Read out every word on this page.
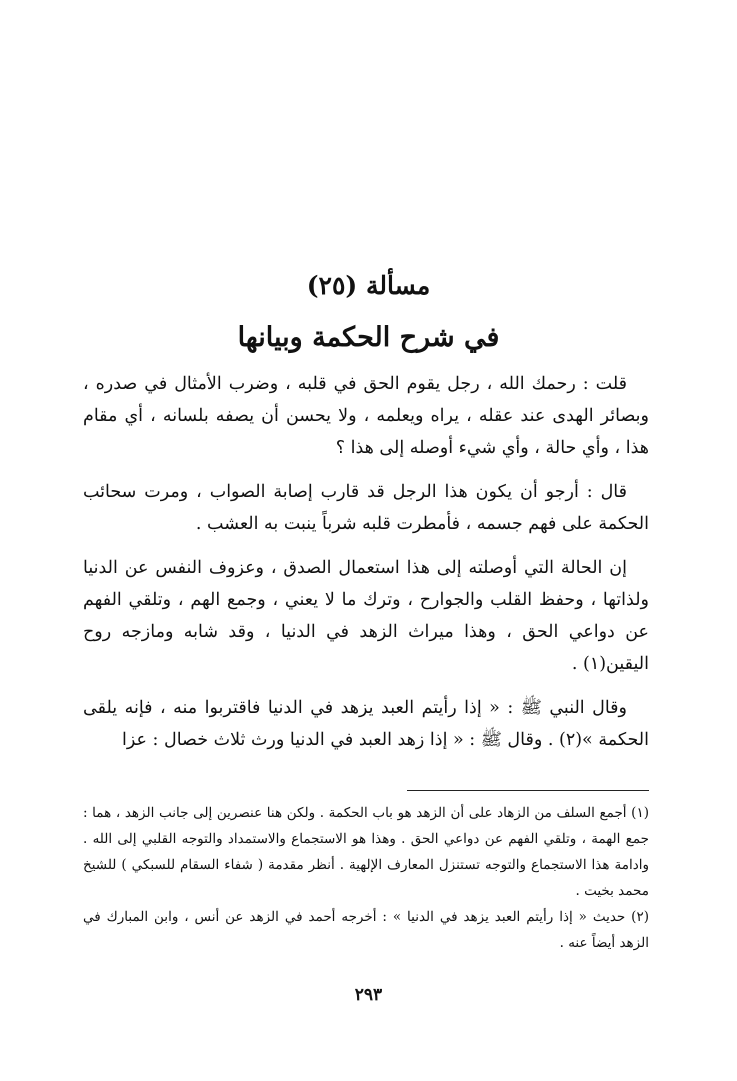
مسألة (٢٥)
في شرح الحكمة وبيانها

قلت : رحمك الله ، رجل يقوم الحق في قلبه ، وضرب الأمثال في صدره ، وبصائر الهدى عند عقله ، يراه ويعلمه ، ولا يحسن أن يصفه بلسانه ، أي مقام هذا ، وأي حالة ، وأي شيء أوصله إلى هذا ؟

قال : أرجو أن يكون هذا الرجل قد قارب إصابة الصواب ، ومرت سحائب الحكمة على فهم جسمه ، فأمطرت قلبه شرباً ينبت به العشب .

إن الحالة التي أوصلته إلى هذا استعمال الصدق ، وعزوف النفس عن الدنيا ولذاتها ، وحفظ القلب والجوارح ، وترك ما لا يعني ، وجمع الهم ، وتلقي الفهم عن دواعي الحق ، وهذا ميراث الزهد في الدنيا ، وقد شابه ومازجه روح اليقين(١) .

وقال النبي ﷺ : « إذا رأيتم العبد يزهد في الدنيا فاقتربوا منه ، فإنه يلقى الحكمة »(٢) . وقال ﷺ : « إذا زهد العبد في الدنيا ورث ثلاث خصال : عزا

(١) أجمع السلف من الزهاد على أن الزهد هو باب الحكمة . ولكن هنا عنصرين إلى جانب الزهد ، هما : جمع الهمة ، وتلقي الفهم عن دواعي الحق . وهذا هو الاستجماع والاستمداد والتوجه القلبي إلى الله . وادامة هذا الاستجماع والتوجه تستنزل المعارف الإلهية . أنظر مقدمة ( شفاء السقام للسبكي ) للشيخ محمد بخيت .

(٢) حديث « إذا رأيتم العبد يزهد في الدنيا » : أخرجه أحمد في الزهد عن أنس ، وابن المبارك في الزهد أيضاً عنه .

٢٩٣
